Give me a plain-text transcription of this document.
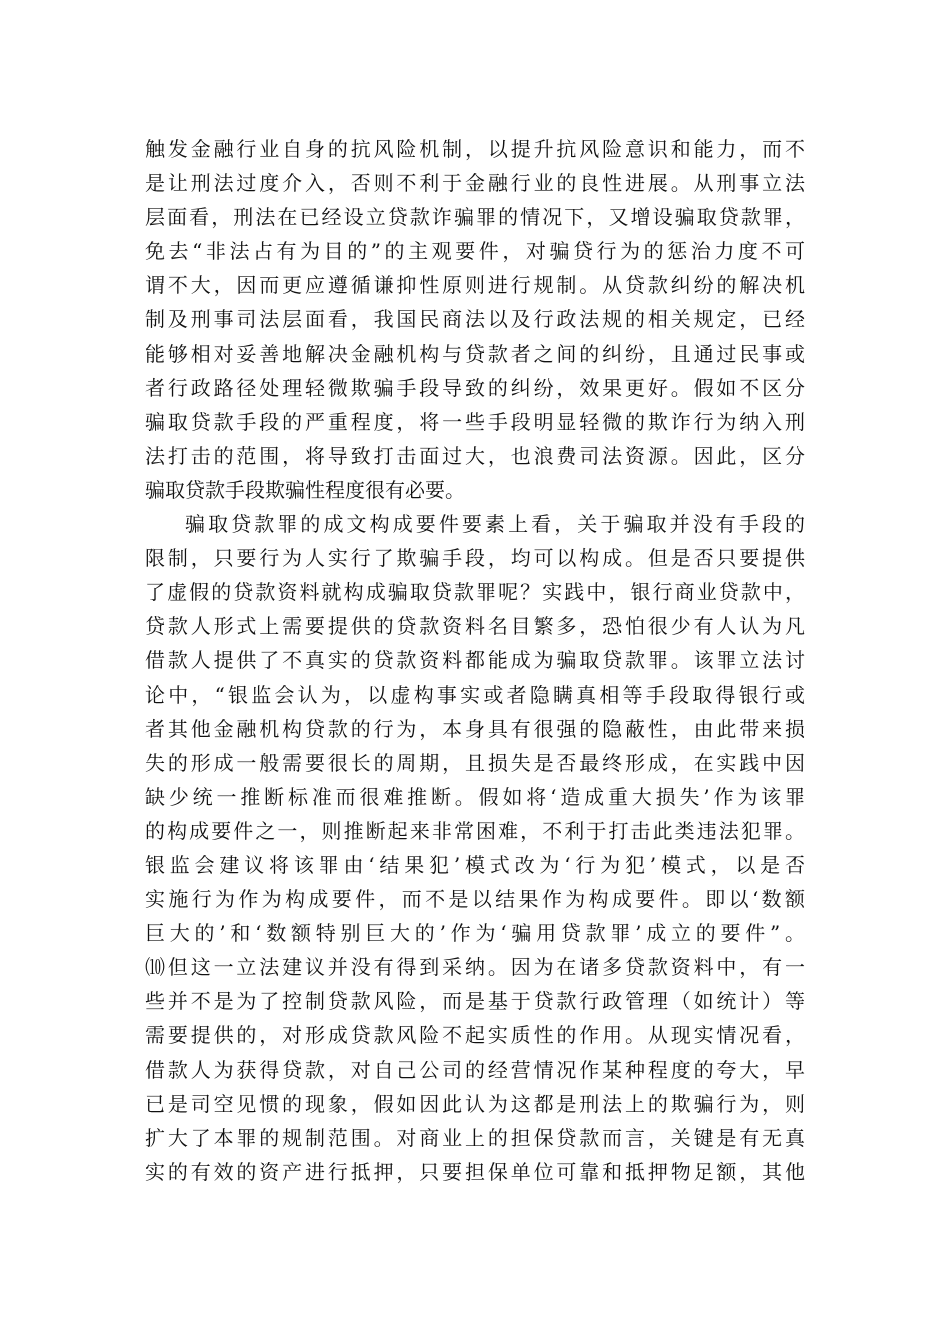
触发金融行业自身的抗风险机制，以提升抗风险意识和能力，而不
是让刑法过度介入，否则不利于金融行业的良性进展。从刑事立法
层面看，刑法在已经设立贷款诈骗罪的情况下，又增设骗取贷款罪，
免去“非法占有为目的”的主观要件，对骗贷行为的惩治力度不可
谓不大，因而更应遵循谦抑性原则进行规制。从贷款纠纷的解决机
制及刑事司法层面看，我国民商法以及行政法规的相关规定，已经
能够相对妥善地解决金融机构与贷款者之间的纠纷，且通过民事或
者行政路径处理轻微欺骗手段导致的纠纷，效果更好。假如不区分
骗取贷款手段的严重程度，将一些手段明显轻微的欺诈行为纳入刑
法打击的范围，将导致打击面过大，也浪费司法资源。因此，区分
骗取贷款手段欺骗性程度很有必要。
骗取贷款罪的成文构成要件要素上看，关于骗取并没有手段的
限制，只要行为人实行了欺骗手段，均可以构成。但是否只要提供
了虚假的贷款资料就构成骗取贷款罪呢？实践中，银行商业贷款中，
贷款人形式上需要提供的贷款资料名目繁多，恐怕很少有人认为凡
借款人提供了不真实的贷款资料都能成为骗取贷款罪。该罪立法讨
论中，“银监会认为，以虚构事实或者隐瞒真相等手段取得银行或
者其他金融机构贷款的行为，本身具有很强的隐蔽性，由此带来损
失的形成一般需要很长的周期，且损失是否最终形成，在实践中因
缺少统一推断标准而很难推断。假如将‘造成重大损失’作为该罪
的构成要件之一，则推断起来非常困难，不利于打击此类违法犯罪。
银监会建议将该罪由‘结果犯’模式改为‘行为犯’模式，以是否
实施行为作为构成要件，而不是以结果作为构成要件。即以‘数额
巨大的’和‘数额特别巨大的’作为‘骗用贷款罪’成立的要件”。
⑽但这一立法建议并没有得到采纳。因为在诸多贷款资料中，有一
些并不是为了控制贷款风险，而是基于贷款行政管理（如统计）等
需要提供的，对形成贷款风险不起实质性的作用。从现实情况看，
借款人为获得贷款，对自己公司的经营情况作某种程度的夸大，早
已是司空见惯的现象，假如因此认为这都是刑法上的欺骗行为，则
扩大了本罪的规制范围。对商业上的担保贷款而言，关键是有无真
实的有效的资产进行抵押，只要担保单位可靠和抵押物足额，其他
